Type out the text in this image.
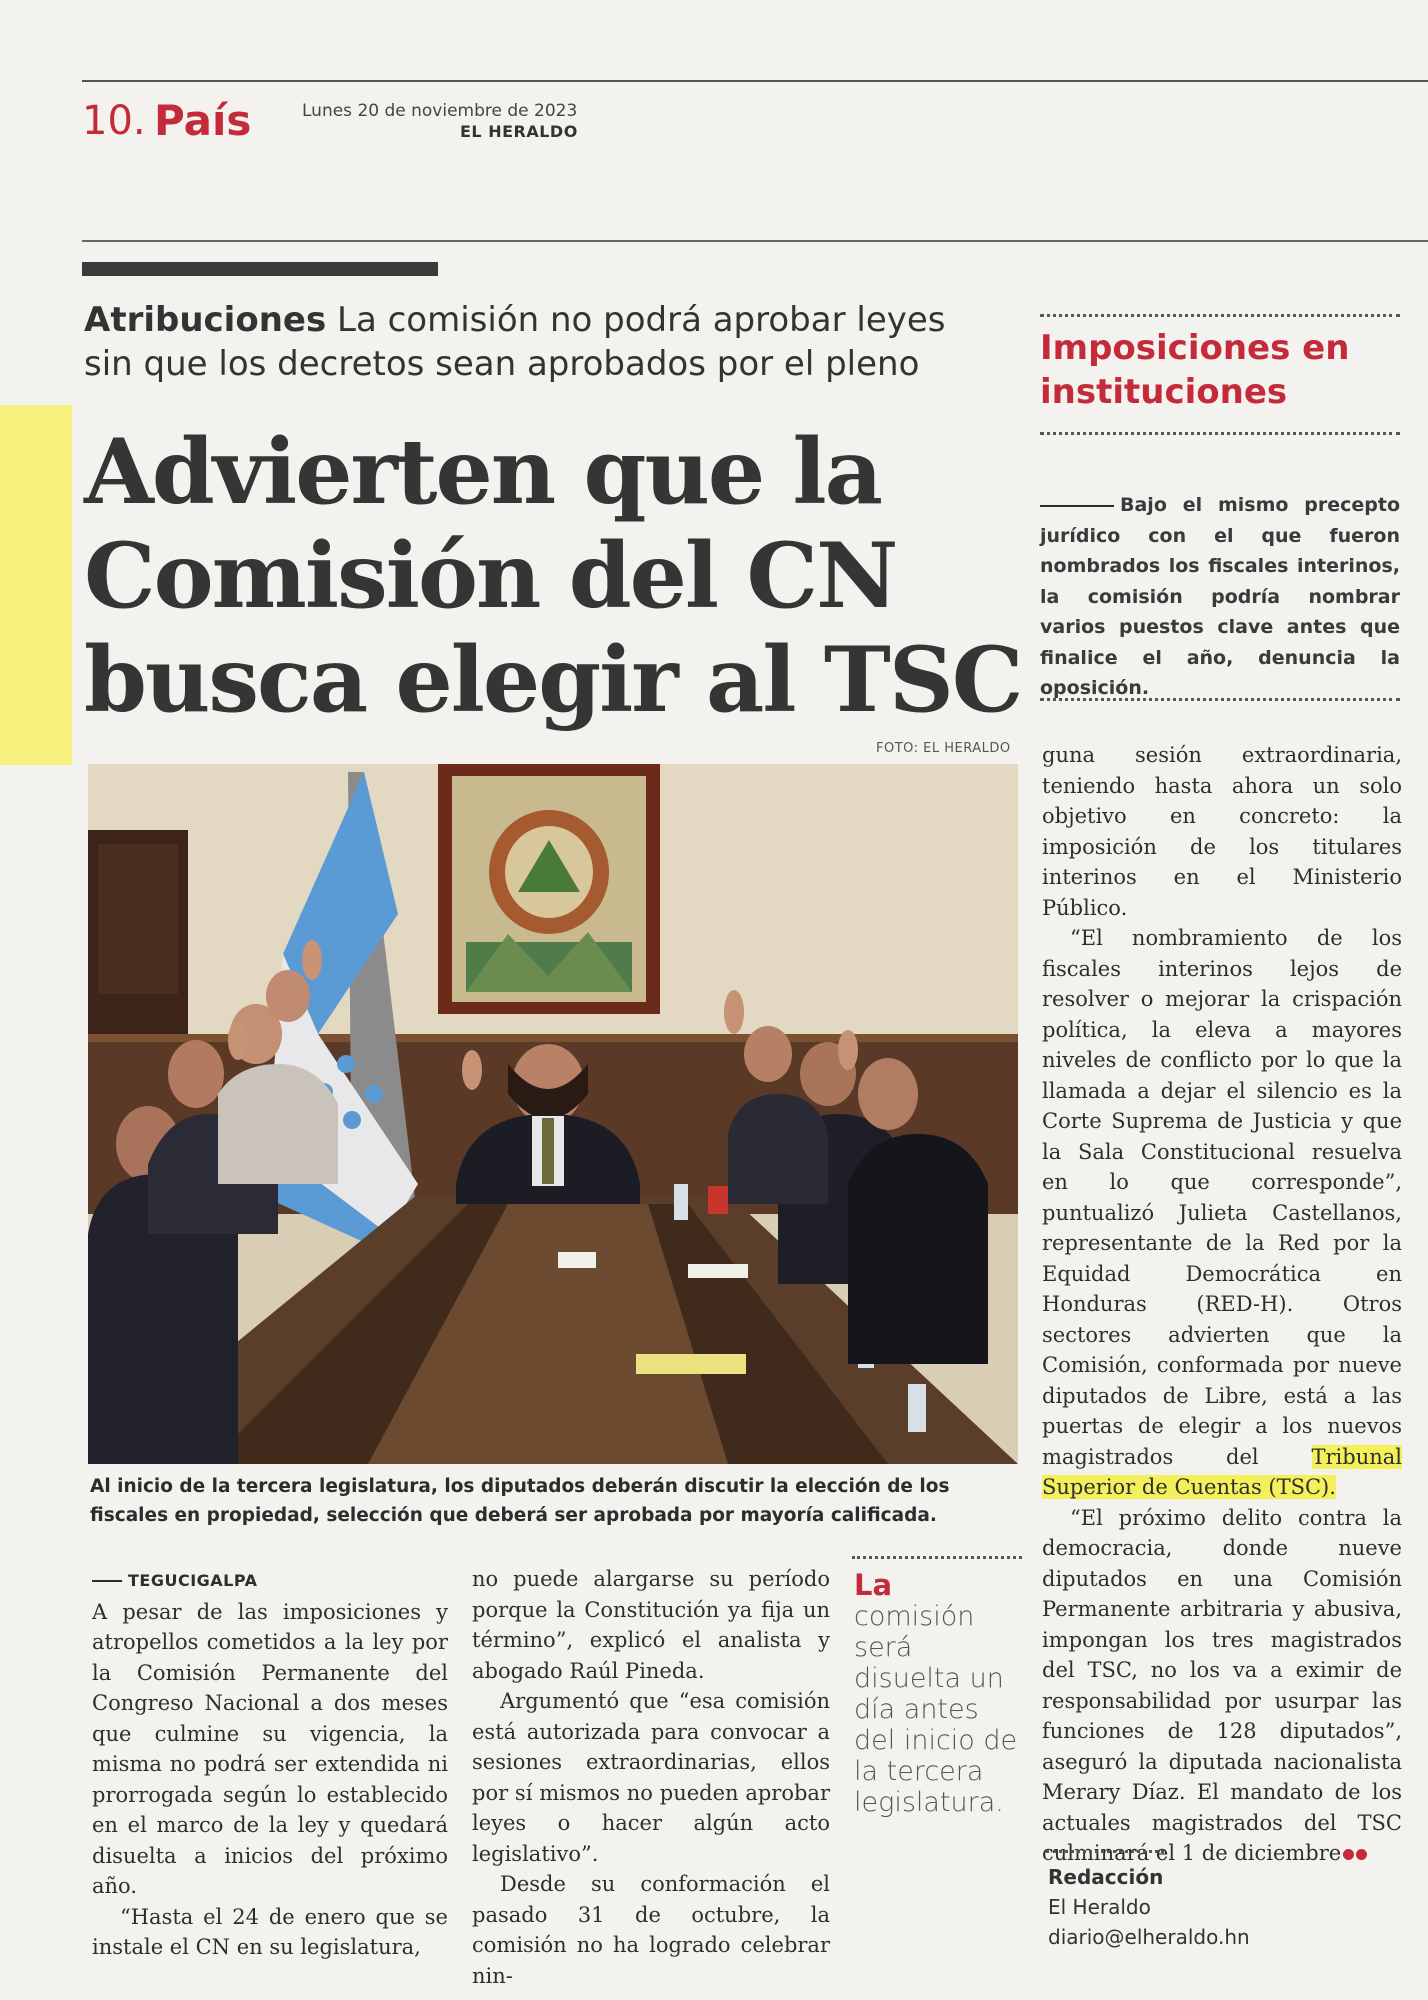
10. País	Lunes 20 de noviembre de 2023
EL HERALDO
Atribuciones La comisión no podrá aprobar leyes sin que los decretos sean aprobados por el pleno
Advierten que la
Comisión del CN
busca elegir al TSC
FOTO: EL HERALDO
Al inicio de la tercera legislatura, los diputados deberán discutir la elección de los fiscales en propiedad, selección que deberá ser aprobada por mayoría calificada.

TEGUCIGALPA

A pesar de las imposiciones y atropellos cometidos a la ley por la Comisión Permanente del Congreso Nacional a dos meses que culmine su vigencia, la misma no podrá ser extendida ni prorrogada según lo establecido en el marco de la ley y quedará disuelta a inicios del próximo año.

“Hasta el 24 de enero que se instale el CN en su legislatura,

no puede alargarse su período porque la Constitución ya fija un término”, explicó el analista y abogado Raúl Pineda.

Argumentó que “esa comisión está autorizada para convocar a sesiones extraordinarias, ellos por sí mismos no pueden aprobar leyes o hacer algún acto legislativo”.

Desde su conformación el pasado 31 de octubre, la comisión no ha logrado celebrar nin-

La
comisión será disuelta un día antes del inicio de la tercera legislatura.

guna sesión extraordinaria, teniendo hasta ahora un solo objetivo en concreto: la imposición de los titulares interinos en el Ministerio Público.

“El nombramiento de los fiscales interinos lejos de resolver o mejorar la crispación política, la eleva a mayores niveles de conflicto por lo que la llamada a dejar el silencio es la Corte Suprema de Justicia y que la Sala Constitucional resuelva en lo que corresponde”, puntualizó Julieta Castellanos, representante de la Red por la Equidad Democrática en Honduras (RED-H). Otros sectores advierten que la Comisión, conformada por nueve diputados de Libre, está a las puertas de elegir a los nuevos magistrados del	Tribunal Superior de Cuentas (TSC).

“El próximo delito contra la democracia, donde nueve diputados en una Comisión Permanente arbitraria y abusiva, impongan los tres magistrados del TSC, no los va a eximir de responsabilidad por usurpar las funciones de 128 diputados”, aseguró la diputada nacionalista Merary Díaz. El mandato de los actuales magistrados del TSC culminará el 1 de diciembre

Imposiciones en instituciones
Bajo el mismo precepto jurídico con el que fueron nombrados los fiscales interinos, la comisión podría nombrar varios puestos clave antes que finalice el año, denuncia la oposición.
Redacción
El Heraldo
diario@elheraldo.hn
